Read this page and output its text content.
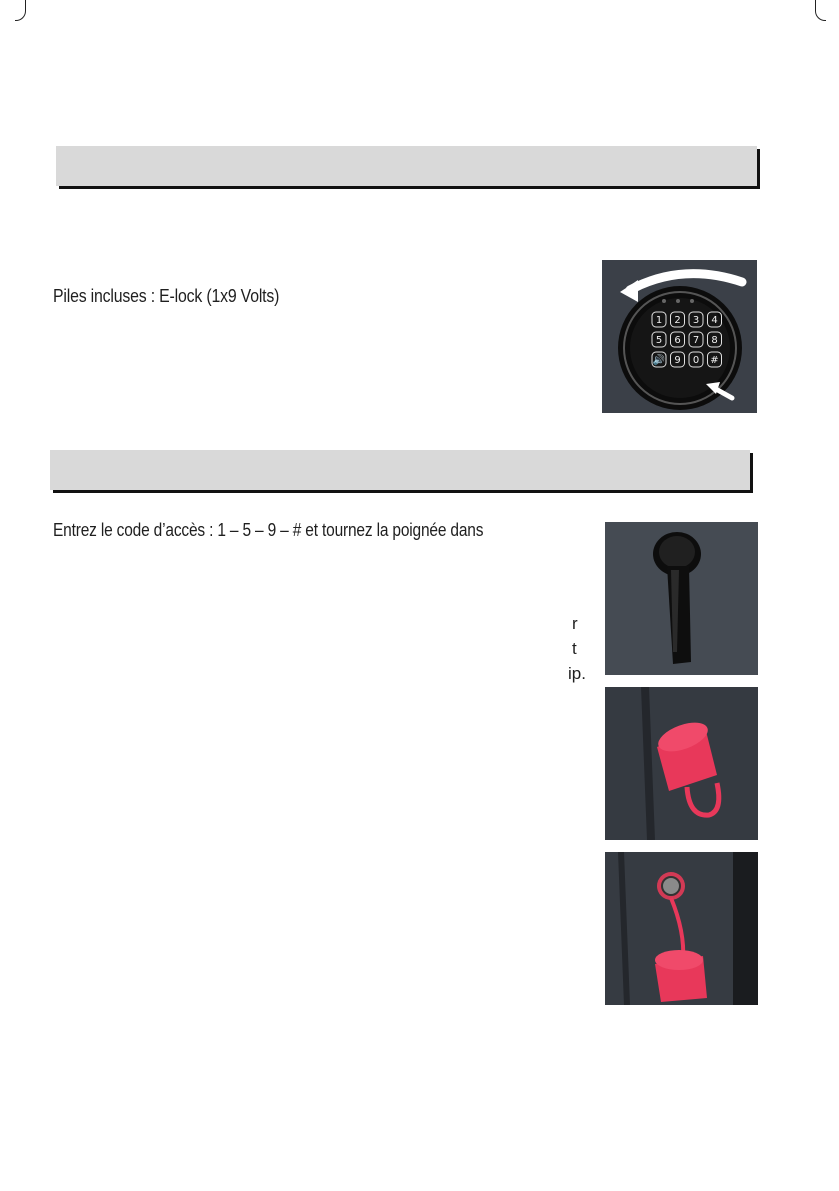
Piles incluses : E-lock (1x9 Volts)
1 2 3 4
5 6 7 8
🔊 9 0 #
Entrez le code d’accès : 1 – 5 – 9 – # et tournez la poignée dans
r
t
ip.
